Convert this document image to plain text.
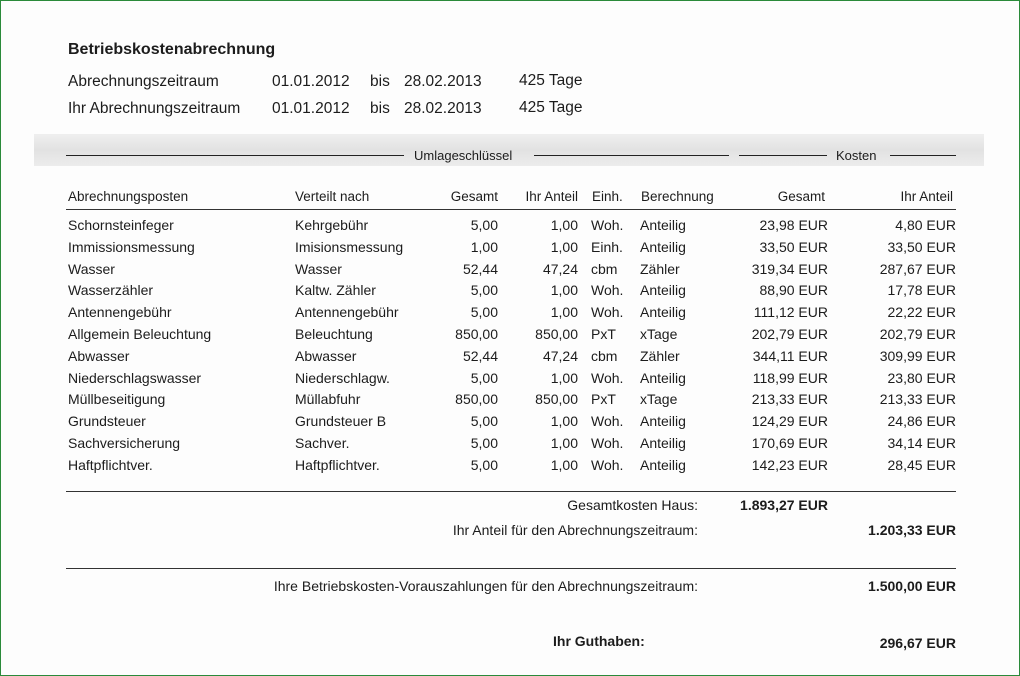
Betriebskostenabrechnung
Abrechnungszeitraum	01.01.2012 bis 28.02.2013 425 Tage
Ihr Abrechnungszeitraum 01.01.2012 bis 28.02.2013 425 Tage
Umlageschlüssel	Kosten
Abrechnungsposten	Verteilt nach	Gesamt	Ihr Anteil Einh. Berechnung	Gesamt	Ihr Anteil
Schornsteinfeger	Kehrgebühr	5,00	1,00 Woh. Anteilig	23,98 EUR	4,80 EUR
Immissionsmessung	Imisionsmessung	1,00	1,00 Einh. Anteilig	33,50 EUR	33,50 EUR
Wasser	Wasser	52,44	47,24 cbm Zähler	319,34 EUR	287,67 EUR
Wasserzähler	Kaltw. Zähler	5,00	1,00 Woh. Anteilig	88,90 EUR	17,78 EUR
Antennengebühr	Antennengebühr	5,00	1,00 Woh. Anteilig	111,12 EUR	22,22 EUR
Allgemein Beleuchtung	Beleuchtung	850,00	850,00 PxT xTage	202,79 EUR	202,79 EUR
Abwasser	Abwasser	52,44	47,24 cbm Zähler	344,11 EUR	309,99 EUR
Niederschlagswasser	Niederschlagw.	5,00	1,00 Woh. Anteilig	118,99 EUR	23,80 EUR
Müllbeseitigung	Müllabfuhr	850,00	850,00 PxT xTage	213,33 EUR	213,33 EUR
Grundsteuer	Grundsteuer B	5,00	1,00 Woh. Anteilig	124,29 EUR	24,86 EUR
Sachversicherung	Sachver.	5,00	1,00 Woh. Anteilig	170,69 EUR	34,14 EUR
Haftpflichtver.	Haftpflichtver.	5,00	1,00 Woh. Anteilig	142,23 EUR	28,45 EUR
Gesamtkosten Haus:	1.893,27 EUR
Ihr Anteil für den Abrechnungszeitraum:	1.203,33 EUR
Ihre Betriebskosten-Vorauszahlungen für den Abrechnungszeitraum:	1.500,00 EUR
Ihr Guthaben:	296,67 EUR
